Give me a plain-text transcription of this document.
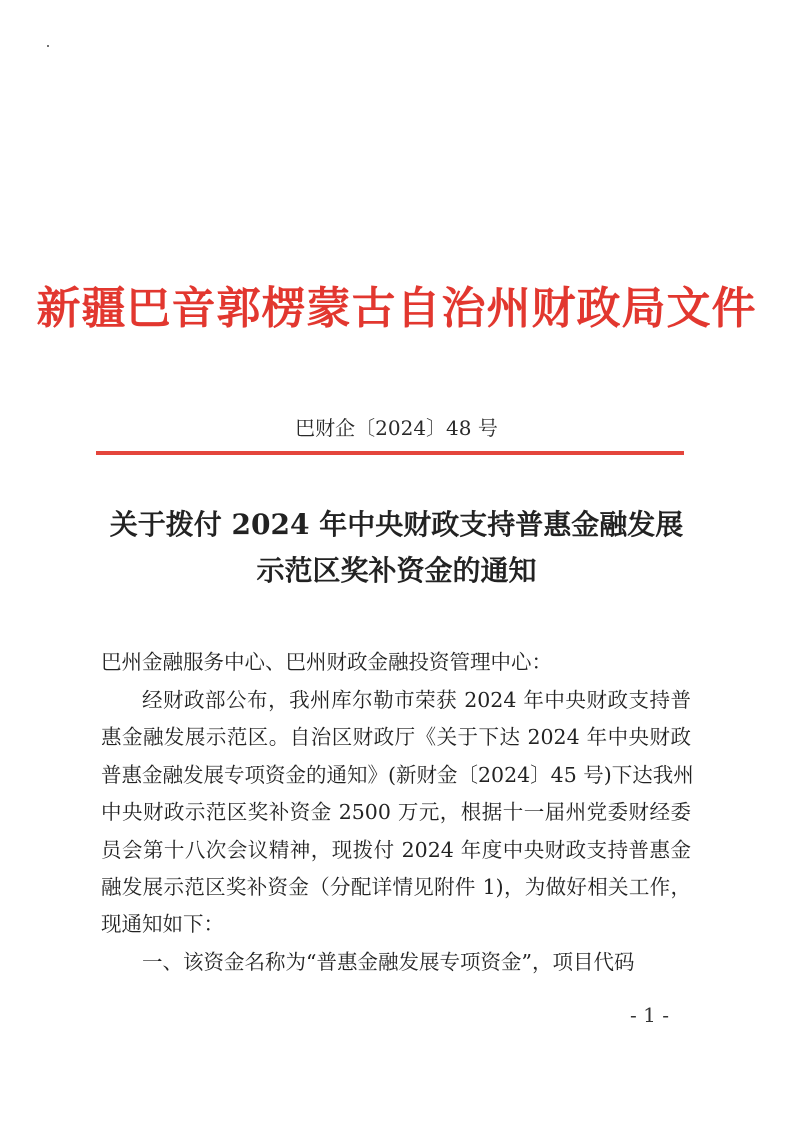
新疆巴音郭楞蒙古自治州财政局文件
巴财企〔2024〕48 号
关于拨付 2024 年中央财政支持普惠金融发展
示范区奖补资金的通知
巴州金融服务中心、巴州财政金融投资管理中心：
经财政部公布，我州库尔勒市荣获 2024 年中央财政支持普
惠金融发展示范区。自治区财政厅《关于下达 2024 年中央财政
普惠金融发展专项资金的通知》(新财金〔2024〕45 号)下达我州
中央财政示范区奖补资金 2500 万元，根据十一届州党委财经委
员会第十八次会议精神，现拨付 2024 年度中央财政支持普惠金
融发展示范区奖补资金（分配详情见附件 1)，为做好相关工作，
现通知如下：
一、该资金名称为“普惠金融发展专项资金”，项目代码
- 1 -
